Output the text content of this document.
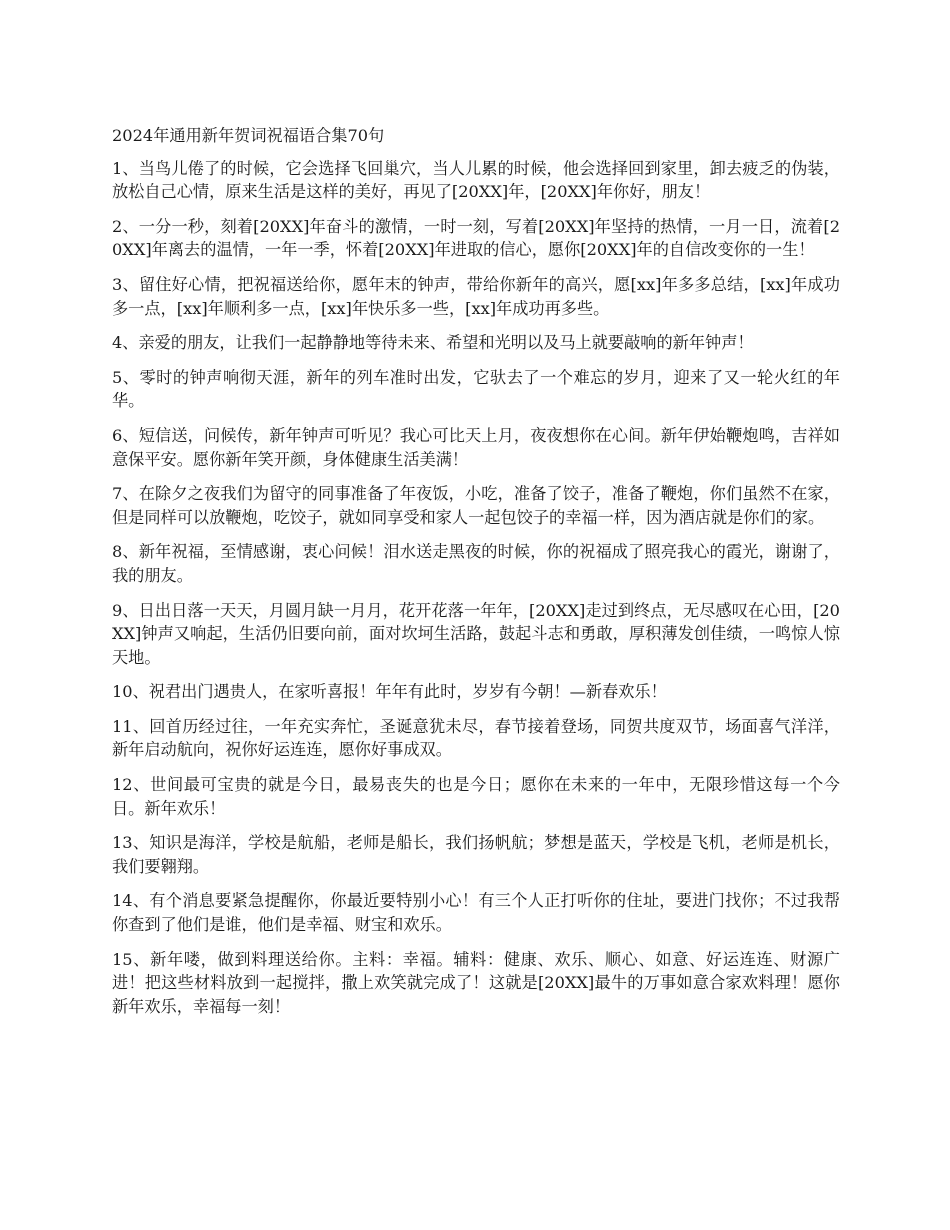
2024年通用新年贺词祝福语合集70句

1、当鸟儿倦了的时候，它会选择飞回巢穴，当人儿累的时候，他会选择回到家里，卸去疲乏的伪装，放松自己心情，原来生活是这样的美好，再见了[20XX]年，[20XX]年你好，朋友！

2、一分一秒，刻着[20XX]年奋斗的激情，一时一刻，写着[20XX]年坚持的热情，一月一日，流着[20XX]年离去的温情，一年一季，怀着[20XX]年进取的信心，愿你[20XX]年的自信改变你的一生！

3、留住好心情，把祝福送给你，愿年末的钟声，带给你新年的高兴，愿[xx]年多多总结，[xx]年成功多一点，[xx]年顺利多一点，[xx]年快乐多一些，[xx]年成功再多些。

4、亲爱的朋友，让我们一起静静地等待未来、希望和光明以及马上就要敲响的新年钟声！

5、零时的钟声响彻天涯，新年的列车准时出发，它驮去了一个难忘的岁月，迎来了又一轮火红的年华。

6、短信送，问候传，新年钟声可听见？我心可比天上月，夜夜想你在心间。新年伊始鞭炮鸣，吉祥如意保平安。愿你新年笑开颜，身体健康生活美满！

7、在除夕之夜我们为留守的同事准备了年夜饭，小吃，准备了饺子，准备了鞭炮，你们虽然不在家，但是同样可以放鞭炮，吃饺子，就如同享受和家人一起包饺子的幸福一样，因为酒店就是你们的家。

8、新年祝福，至情感谢，衷心问候！泪水送走黑夜的时候，你的祝福成了照亮我心的霞光，谢谢了，我的朋友。

9、日出日落一天天，月圆月缺一月月，花开花落一年年，[20XX]走过到终点，无尽感叹在心田，[20XX]钟声又响起，生活仍旧要向前，面对坎坷生活路，鼓起斗志和勇敢，厚积薄发创佳绩，一鸣惊人惊天地。

10、祝君出门遇贵人，在家听喜报！年年有此时，岁岁有今朝！—新春欢乐！

11、回首历经过往，一年充实奔忙，圣诞意犹未尽，春节接着登场，同贺共度双节，场面喜气洋洋，新年启动航向，祝你好运连连，愿你好事成双。

12、世间最可宝贵的就是今日，最易丧失的也是今日；愿你在未来的一年中，无限珍惜这每一个今日。新年欢乐！

13、知识是海洋，学校是航船，老师是船长，我们扬帆航；梦想是蓝天，学校是飞机，老师是机长，我们要翱翔。

14、有个消息要紧急提醒你，你最近要特别小心！有三个人正打听你的住址，要进门找你；不过我帮你查到了他们是谁，他们是幸福、财宝和欢乐。

15、新年喽，做到料理送给你。主料：幸福。辅料：健康、欢乐、顺心、如意、好运连连、财源广进！把这些材料放到一起搅拌，撒上欢笑就完成了！这就是[20XX]最牛的万事如意合家欢料理！愿你新年欢乐，幸福每一刻！
